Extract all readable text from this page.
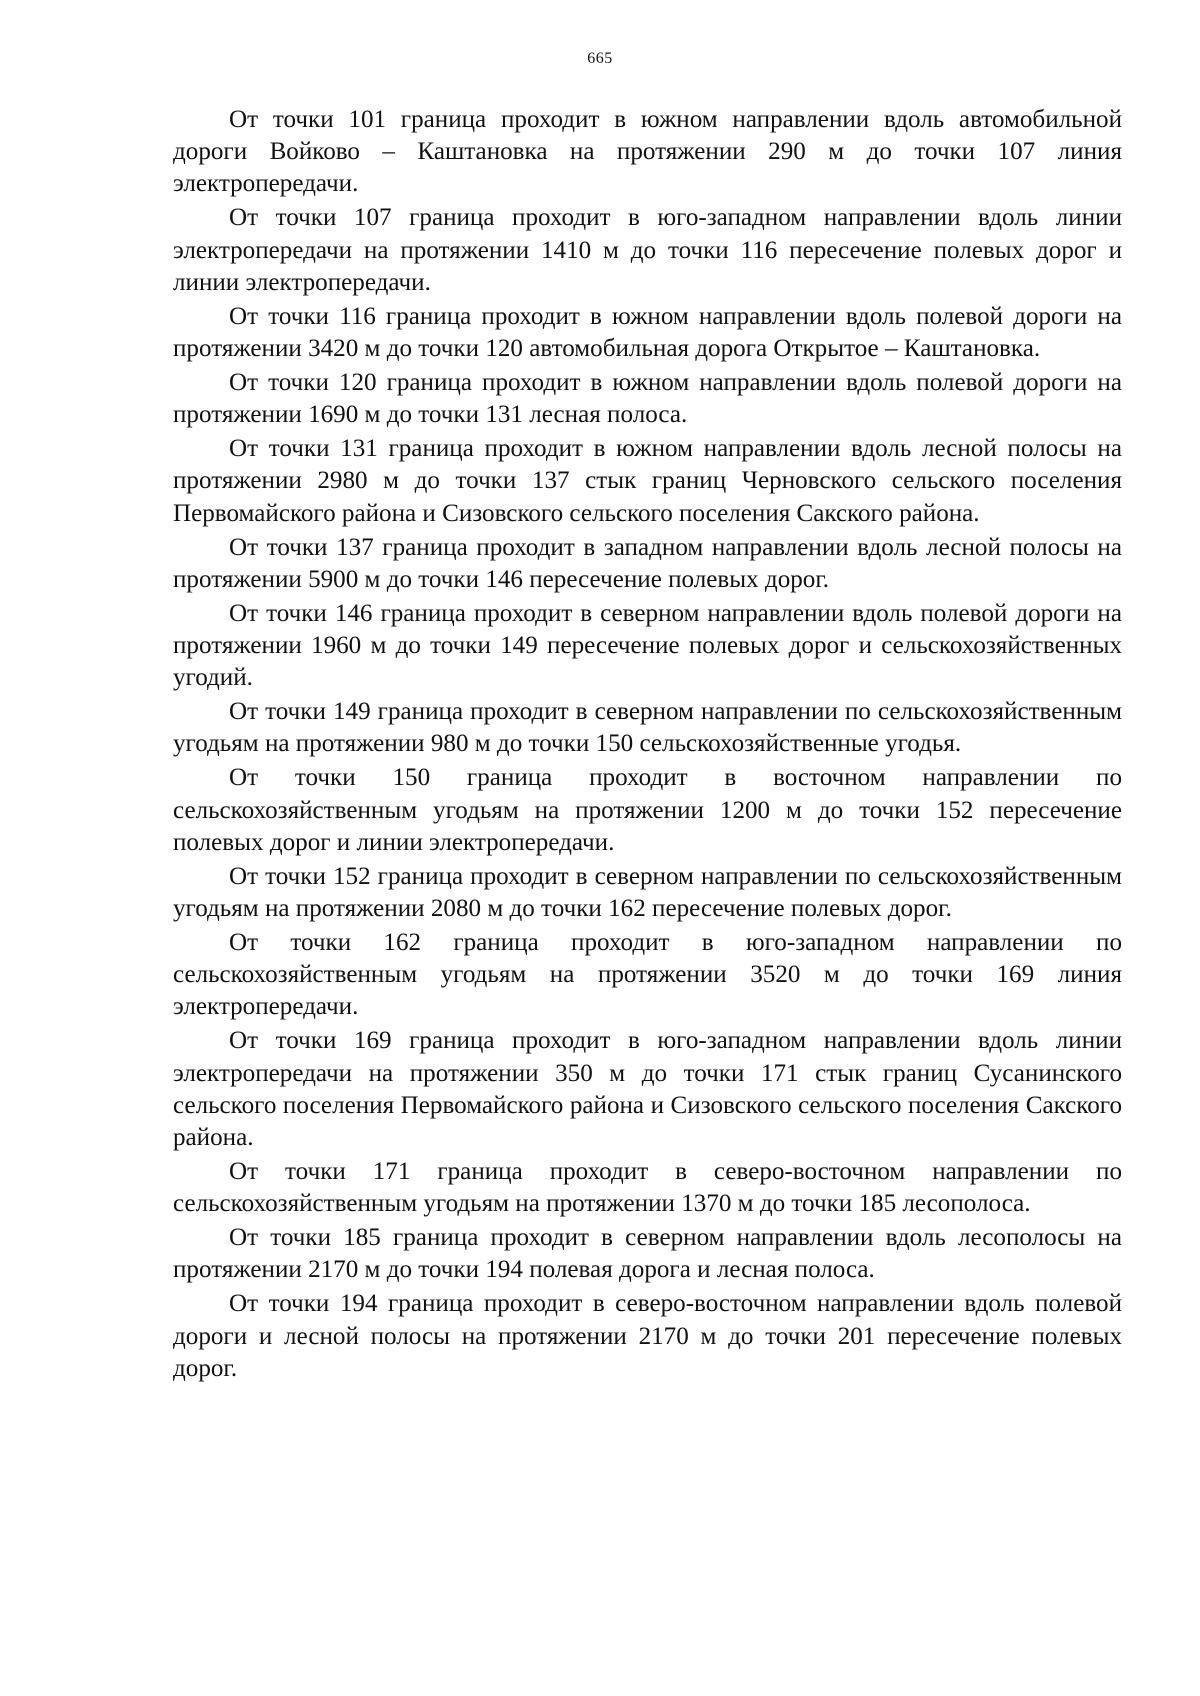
665

От точки 101 граница проходит в южном направлении вдоль автомобильной дороги Войково – Каштановка на протяжении 290 м до точки 107 линия электропередачи.

От точки 107 граница проходит в юго-западном направлении вдоль линии электропередачи на протяжении 1410 м до точки 116 пересечение полевых дорог и линии электропередачи.

От точки 116 граница проходит в южном направлении вдоль полевой дороги на протяжении 3420 м до точки 120 автомобильная дорога Открытое – Каштановка.

От точки 120 граница проходит в южном направлении вдоль полевой дороги на протяжении 1690 м до точки 131 лесная полоса.

От точки 131 граница проходит в южном направлении вдоль лесной полосы на протяжении 2980 м до точки 137 стык границ Черновского сельского поселения Первомайского района и Сизовского сельского поселения Сакского района.

От точки 137 граница проходит в западном направлении вдоль лесной полосы на протяжении 5900 м до точки 146 пересечение полевых дорог.

От точки 146 граница проходит в северном направлении вдоль полевой дороги на протяжении 1960 м до точки 149 пересечение полевых дорог и сельскохозяйственных угодий.

От точки 149 граница проходит в северном направлении по сельскохозяйственным угодьям на протяжении 980 м до точки 150 сельскохозяйственные угодья.

От точки 150 граница проходит в восточном направлении по сельскохозяйственным угодьям на протяжении 1200 м до точки 152 пересечение полевых дорог и линии электропередачи.

От точки 152 граница проходит в северном направлении по сельскохозяйственным угодьям на протяжении 2080 м до точки 162 пересечение полевых дорог.

От точки 162 граница проходит в юго-западном направлении по сельскохозяйственным угодьям на протяжении 3520 м до точки 169 линия электропередачи.

От точки 169 граница проходит в юго-западном направлении вдоль линии электропередачи на протяжении 350 м до точки 171 стык границ Сусанинского сельского поселения Первомайского района и Сизовского сельского поселения Сакского района.

От точки 171 граница проходит в северо-восточном направлении по сельскохозяйственным угодьям на протяжении 1370 м до точки 185 лесополоса.

От точки 185 граница проходит в северном направлении вдоль лесополосы на протяжении 2170 м до точки 194 полевая дорога и лесная полоса.

От точки 194 граница проходит в северо-восточном направлении вдоль полевой дороги и лесной полосы на протяжении 2170 м до точки 201 пересечение полевых дорог.
